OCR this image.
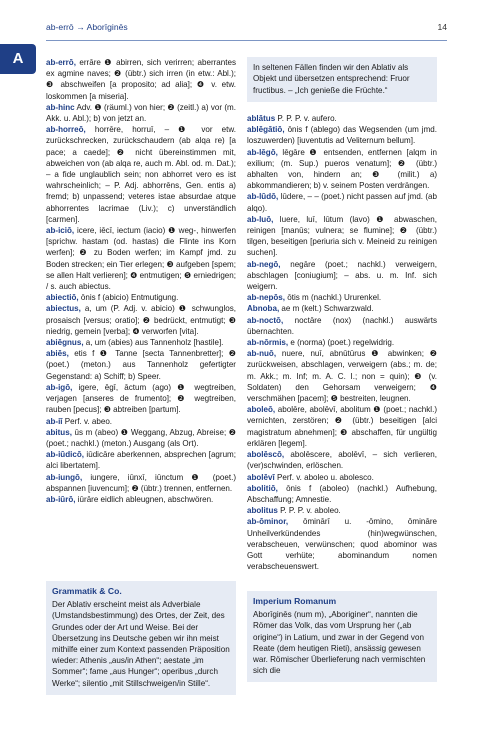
ab-errō → Aborīginēs	14
A	ab-errō, errāre ❶ abirren, sich verirren; aberrantes ex agmine naves; ❷ (übtr.) sich irren (in etw.: Abl.); ❸ abschweifen [a proposito; ad alia]; ❹ v. etw. loskommen [a miseria].

ab-hinc Adv. ❶ (räuml.) von hier; ❷ (zeitl.) a) vor (m. Akk. u. Abl.); b) von jetzt an.

ab-horreō, horrēre, horruī, – ❶ vor etw. zurückschrecken, zurückschaudern (ab alqa re) [a pace; a caede]; ❷ nicht übereinstimmen mit, abweichen von (ab alqa re, auch m. Abl. od. m. Dat.); – a fide unglaublich sein; non abhorret vero es ist wahrscheinlich; – P. Adj. abhorrēns, Gen. entis a) fremd; b) unpassend; veteres istae absurdae atque abhorrentes lacrimae (Liv.); c) unverständlich [carmen].

ab-iciō, icere, iēcī, iectum (iacio) ❶ weg-, hinwerfen [sprichw. hastam (od. hastas) die Flinte ins Korn werfen]; ❷ zu Boden werfen; im Kampf jmd. zu Boden strecken; ein Tier erlegen; ❸ aufgeben [spem; se allen Halt verlieren]; ❹ entmutigen; ❺ erniedrigen; / s. auch abiectus.

abiectiō, ōnis f (abicio) Entmutigung.

abiectus, a, um (P. Adj. v. abicio) ❶ schwunglos, prosaisch [versus; oratio]; ❷ bedrückt, entmutigt; ❸ niedrig, gemein [verba]; ❹ verworfen [vita].

abiēgnus, a, um (abies) aus Tannenholz [hastile].

abiēs, etis f ❶ Tanne [secta Tannenbretter]; ❷ (poet.) (meton.) aus Tannenholz gefertigter Gegenstand: a) Schiff; b) Speer.

ab-igō, igere, ēgī, āctum (ago) ❶ wegtreiben, verjagen [anseres de frumento]; ❷ wegtreiben, rauben [pecus]; ❸ abtreiben [partum].

ab-iī Perf. v. abeo.

abitus, ūs m (abeo) ❶ Weggang, Abzug, Abreise; ❷ (poet.; nachkl.) (meton.) Ausgang (als Ort).

ab-iūdicō, iūdicāre aberkennen, absprechen [agrum; alci libertatem].

ab-iungō, iungere, iūnxī, iūnctum ❶ (poet.) abspannen [iuvencum]; ❷ (übtr.) trennen, entfernen.

ab-iūrō, iūrāre eidlich ableugnen, abschwören.

Grammatik & Co.

Der Ablativ erscheint meist als Adverbiale (Umstandsbestimmung) des Ortes, der Zeit, des Grundes oder der Art und Weise. Bei der Übersetzung ins Deutsche geben wir ihn meist mithilfe einer zum Kontext passenden Präposition wieder: Athenis „aus/in Athen“; aestate „im Sommer“; fame „aus Hunger“; operibus „durch Werke“; silentio „mit Stillschweigen/in Stille“.

In seltenen Fällen finden wir den Ablativ als Objekt und übersetzen entsprechend: Fruor fructibus. – „Ich genieße die Früchte.“

ablātus P. P. P. v. aufero.

ablēgātiō, ōnis f (ablego) das Wegsenden (um jmd. loszuwerden) [iuventutis ad Veliternum bellum].

ab-lēgō, lēgāre ❶ entsenden, entfernen [alqm in exilium; (m. Sup.) pueros venatum]; ❷ (übtr.) abhalten von, hindern an; ❸ (milit.) a) abkommandieren; b) v. seinem Posten verdrängen.

ab-lūdō, lūdere, – – (poet.) nicht passen auf jmd. (ab alqo).

ab-luō, luere, luī, lūtum (lavo) ❶ abwaschen, reinigen [manūs; vulnera; se flumine]; ❷ (übtr.) tilgen, beseitigen [periuria sich v. Meineid zu reinigen suchen].

ab-negō, negāre (poet.; nachkl.) verweigern, abschlagen [coniugium]; – abs. u. m. Inf. sich weigern.

ab-nepōs, ōtis m (nachkl.) Ururenkel.

Abnoba, ae m (kelt.) Schwarzwald.

ab-noctō, noctāre (nox) (nachkl.) auswärts übernachten.

ab-nōrmis, e (norma) (poet.) regelwidrig.

ab-nuō, nuere, nuī, abnūtūrus ❶ abwinken; ❷ zurückweisen, abschlagen, verweigern (abs.; m. de; m. Akk.; m. Inf; m. A. C. I.; non = quin); ❸ (v. Soldaten) den Gehorsam verweigern; ❹ verschmähen [pacem]; ❺ bestreiten, leugnen.

aboleō, abolēre, abolēvī, abolitum ❶ (poet.; nachkl.) vernichten, zerstören; ❷ (übtr.) beseitigen [alci magistratum abnehmen]; ❸ abschaffen, für ungültig erklären [legem].

abolēscō, abolēscere, abolēvī, – sich verlieren, (ver)schwinden, erlöschen.

abolēvī Perf. v. aboleo u. abolesco.

abolitiō, ōnis f (aboleo) (nachkl.) Aufhebung, Abschaffung; Amnestie.

abolitus P. P. P. v. aboleo.

ab-ōminor, ōminārī u. -ōmino, ōmināre Unheilverkündendes (hin)wegwünschen, verabscheuen, verwünschen; quod abominor was Gott verhüte; abominandum nomen verabscheuenswert.

Imperium Romanum

Aborīginēs (num m), „Aboriginer“, nannten die Römer das Volk, das vom Ursprung her („ab origine“) in Latium, und zwar in der Gegend von Reate (dem heutigen Rieti), ansässig gewesen war. Römischer Überlieferung nach vermischten sich die
